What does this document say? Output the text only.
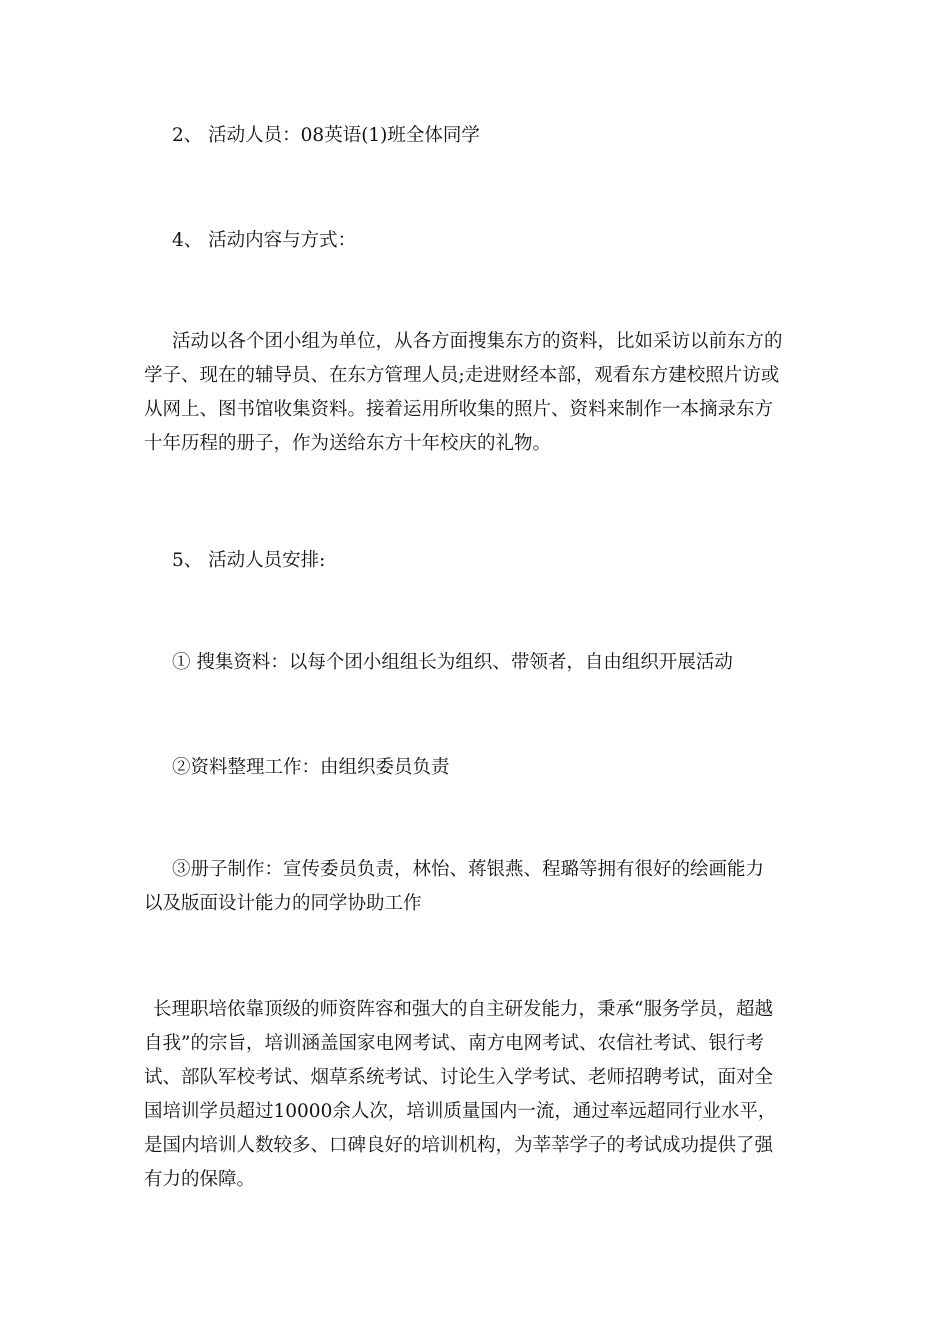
2、 活动人员：08英语(1)班全体同学
4、 活动内容与方式：
活动以各个团小组为单位，从各方面搜集东方的资料，比如采访以前东方的
学子、现在的辅导员、在东方管理人员;走进财经本部，观看东方建校照片访或
从网上、图书馆收集资料。接着运用所收集的照片、资料来制作一本摘录东方
十年历程的册子，作为送给东方十年校庆的礼物。
5、 活动人员安排:
① 搜集资料：以每个团小组组长为组织、带领者，自由组织开展活动
②资料整理工作：由组织委员负责
③册子制作：宣传委员负责，林怡、蒋银燕、程璐等拥有很好的绘画能力
以及版面设计能力的同学协助工作
长理职培依靠顶级的师资阵容和强大的自主研发能力，秉承“服务学员，超越
自我”的宗旨，培训涵盖国家电网考试、南方电网考试、农信社考试、银行考
试、部队军校考试、烟草系统考试、讨论生入学考试、老师招聘考试，面对全
国培训学员超过10000余人次，培训质量国内一流，通过率远超同行业水平，
是国内培训人数较多、口碑良好的培训机构，为莘莘学子的考试成功提供了强
有力的保障。
